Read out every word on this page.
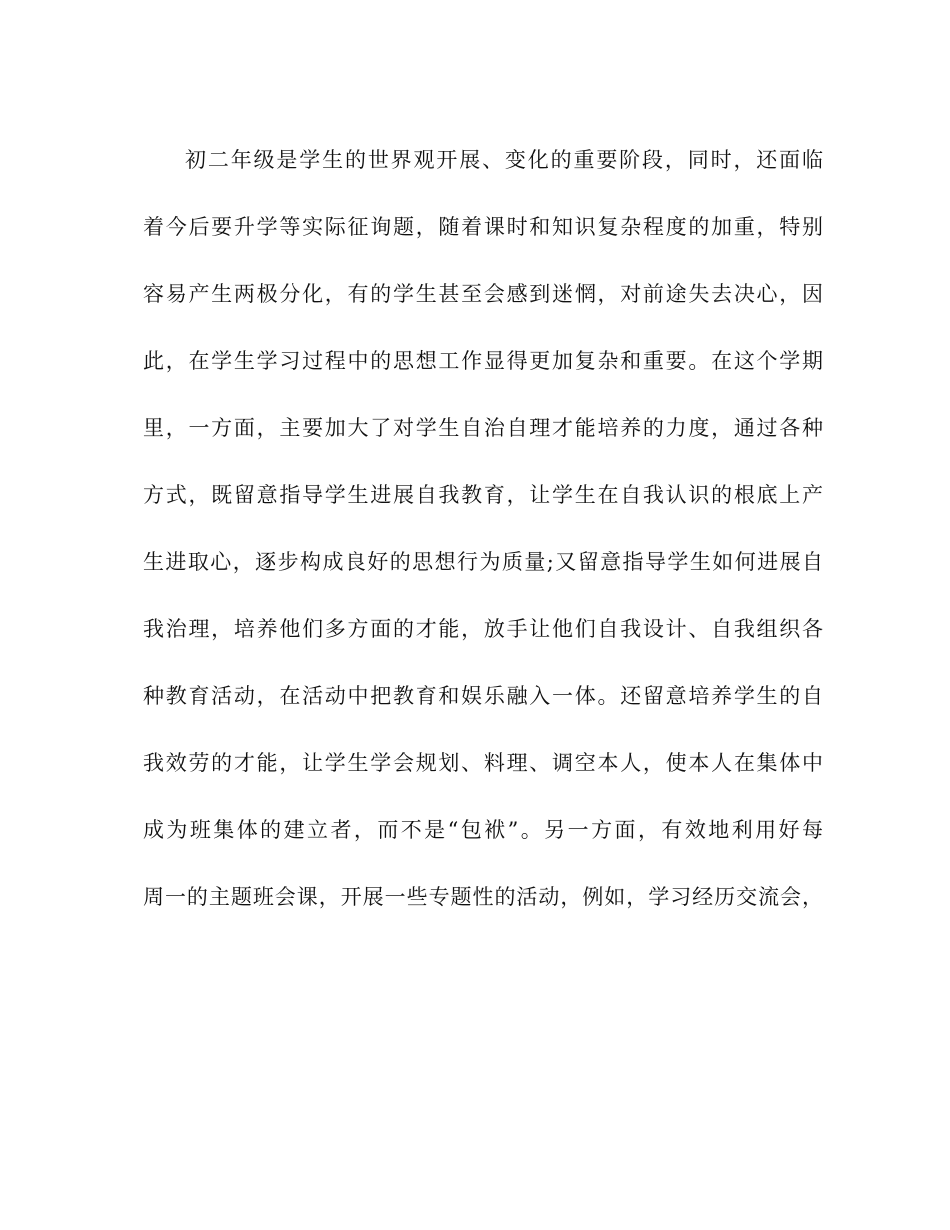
初二年级是学生的世界观开展、变化的重要阶段，同时，还面临
着今后要升学等实际征询题，随着课时和知识复杂程度的加重，特别
容易产生两极分化，有的学生甚至会感到迷惘，对前途失去决心，因
此，在学生学习过程中的思想工作显得更加复杂和重要。在这个学期
里，一方面，主要加大了对学生自治自理才能培养的力度，通过各种
方式，既留意指导学生进展自我教育，让学生在自我认识的根底上产
生进取心，逐步构成良好的思想行为质量;又留意指导学生如何进展自
我治理，培养他们多方面的才能，放手让他们自我设计、自我组织各
种教育活动，在活动中把教育和娱乐融入一体。还留意培养学生的自
我效劳的才能，让学生学会规划、料理、调空本人，使本人在集体中
成为班集体的建立者，而不是“包袱”。另一方面，有效地利用好每
周一的主题班会课，开展一些专题性的活动，例如，学习经历交流会，
